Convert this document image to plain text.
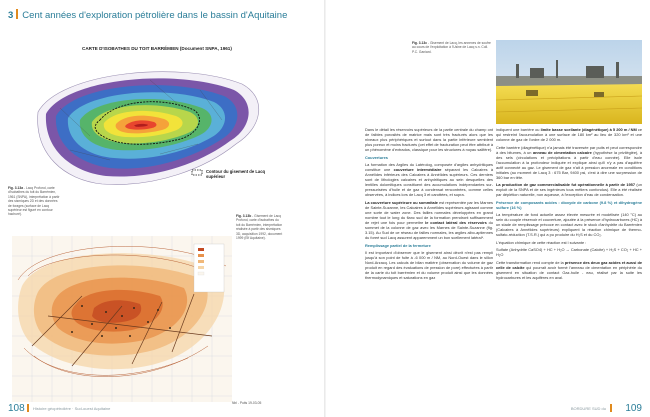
3 Cent années d'exploration pétrolière dans le bassin d'Aquitaine
CARTE D'ISOBATHES DU TOIT BARRÉMIEN (Document SNPA, 1961)
Contour du gisement de Lacq supérieur
Fig. 3.13a - Lacq Profond, carte d'isobathes du toit du Barrémien, 1961 (SNPA), interprétation à partir des sismiques 2D et des données de forages (surface de Lacq supérieur est figuré en contour hachuré).	Fig. 3.13b - Gisement de Lacq Profond, carte d'isobathes du toit du Barrémien, interprétation réalisée à partir des sismiques 3D, acquisition 1992, document 1999 (Elf Aquitaine).
Nbl - Puits 19-03-05

Dans le détail les réservoirs supérieurs de la partie centrale du champ ont de faibles porosités de matrice mais sont très fracturés alors que les niveaux plus périphériques et surtout dans la partie inférieure semblent plus poreux et moins fracturés (cet effet de fracturation peut être attribué à un phénomène d'extrados, classique pour les structures à noyau salifère).

Couvertures

La formation des Argiles du Latérolog, composée d'argiles anhydritiques constitue une couverture intermédiaire séparant les Calcaires à Annélides inférieurs des Calcaires à Annélides supérieurs. Ces derniers sont de lithologies calcaires et anhydritiques au sein desquelles des lentilles dolomitiques constituent des accumulations indépendantes sur-pressurisées d'huile et de gaz à condensat rencontrées, comme celles observées, à indices lors de Lacq 3 et carottées, et supra.

La couverture supérieure ou sommitale est représentée par les Marnes de Sainte-Suzanne, les Calcaires à Annélides supérieurs agissant comme une sorte de water zone. Des failles normales développées en grand nombre tout le long du flanc sud de la formation prendront suffisamment de rejet une fois pour permettre le contact latéral des réservoirs du sommet de la colonne de gaz avec les Marnes de Sainte-Suzanne (fig. 3.15). Au Sud de ce réseau de failles normales, les argiles albo-aptiennes du foreé sud Lacq assurent apparemment un bon scellement latéral*.

Remplissage partiel de la fermeture

Il est important d'observer que le gisement ainsi décrit n'est pas rempli jusqu'à son point de fuite à -6 000 m / NM, au Nord-Ouest dans le sillon Nord-Arzacq. Les calculs de bilan matière (observation du volume de gaz produit en regard des évaluations de pression de pore) effectuées à partir de la carte du toit barrémien et du volume produit ainsi que les données thermodynamiques et saturations en gaz

Fig. 3.13c - Gisement de Lacq, les annexes de soufre au cours de l'exploitation à l'Usine de Lacq s.n. Coll. P.C. Ganiard.

indiquent une barrière ou limite basse scellante (diagénétique) à 5 200 m / NM ce qui restreint l'accumulation à une surface de 180 km² au lieu de 320 km² et une colonne de gaz de l'ordre de 2 000 m.

Cette barrière (diagénétique) n'a jamais été traversée par puits et peut correspondre à des bitumes, à un anneau de cimentation calcaire (hypothèse la privilégiée), à des sels (circulations et précipitations à partir d'eau connée). Elle isole l'accumulation à la profondeur indiquée et explique ainsi qu'il n'y a pas d'aquifère actif connecté au gaz. Le gisement de gaz n'ait à pression anormale en conditions initiales (au moment de Lacq 3 : 675 Bar, 9400 psi, c'est à dire une surpression de 360 bar en tête.

La production de gaz commercialisable fut opérationnelle à partir de 1957 (un exploit de la SNPA et de ses ingénieurs tous métiers confondus). Elle a été réalisée par déplétion naturelle, non aqueuse, à l'exception d'eau de condensation.

Présence de composants acides : dioxyde de carbone (9.8 %) et dihydrogène sulfure (16 %)

La température de fond actuelle assez élevée mesurée et modélisée (140 °C) au sein du couple réservoir et couverture, ajoutée à la présence d'hydrocarbures (HC) à un stade de remplissage précoce en contact avec le stock d'anhydrite du Barrémien (Calcaires à Annélides supérieurs) expliquent la réaction chimique de thermo-sulfato-réduction (T.S.R.) qui a pu produire du H₂S et du CO₂.

L'équation chimique de cette réaction est l suivante :

Sulfate (Anhydrite CaSO4) + HC + H₂O → Carbonate (Calcite) + H₂S + CO₂ + HC + H₂O

Cette transformation rend compte de la présence des deux gaz acides et aussi de celle de calcite qui pourrait avoir formé l'anneau de cimentation en périphérie du gisement en situation de contact Gaz-huile - eau, réalisé par la suite les hydrocarbures et les aquifères en aval.

108 Histoire géopétrolière · Sud-ouest Aquitaine	BORDURE SUD du 109
